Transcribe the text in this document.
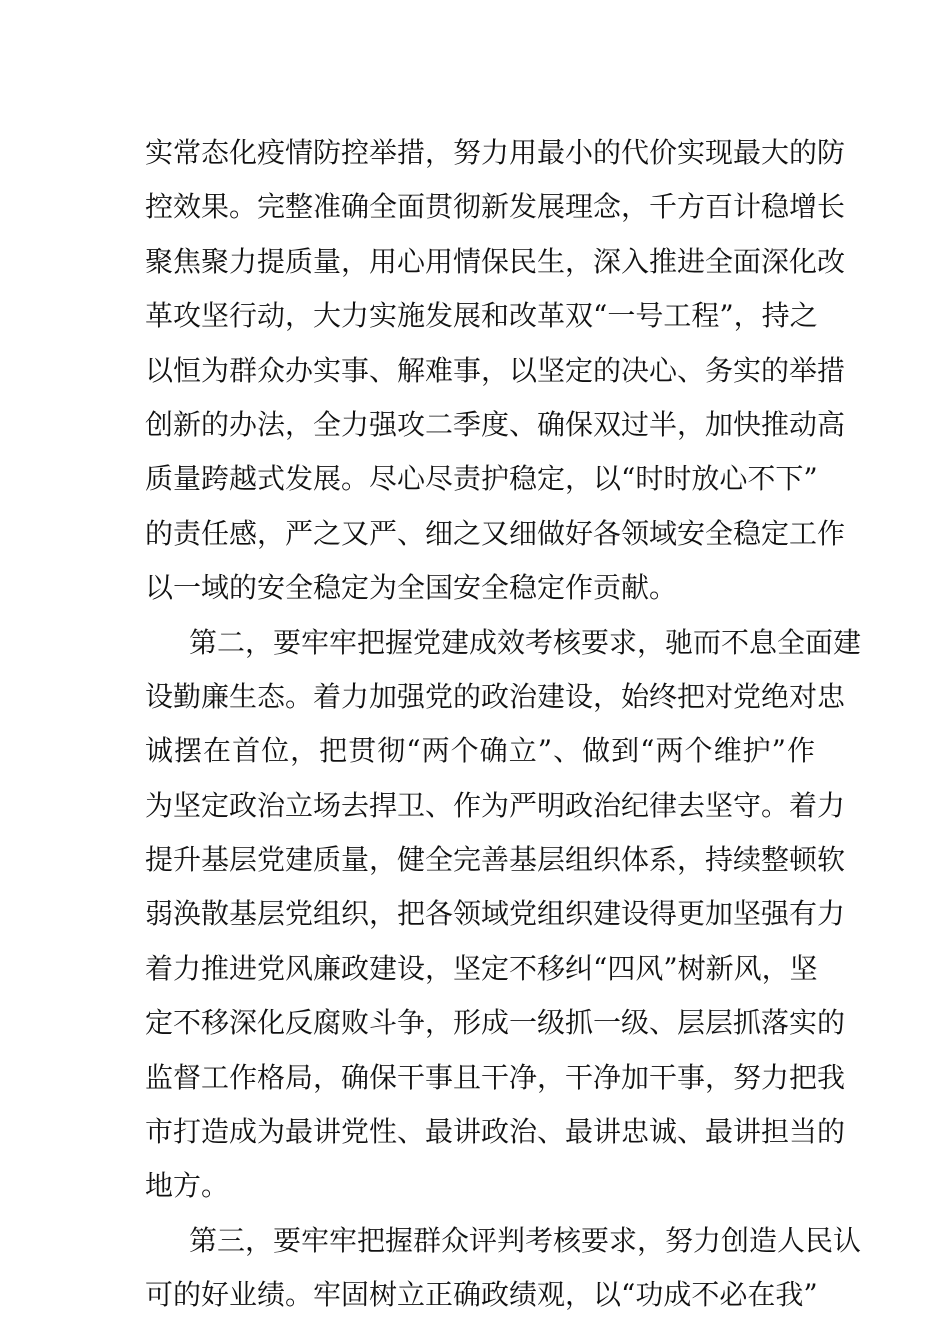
实常态化疫情防控举措，努力用最小的代价实现最大的防
控效果。完整准确全面贯彻新发展理念，千方百计稳增长
聚焦聚力提质量，用心用情保民生，深入推进全面深化改
革攻坚行动，大力实施发展和改革双“一号工程”，持之
以恒为群众办实事、解难事，以坚定的决心、务实的举措
创新的办法，全力强攻二季度、确保双过半，加快推动高
质量跨越式发展。尽心尽责护稳定，以“时时放心不下”
的责任感，严之又严、细之又细做好各领域安全稳定工作
以一域的安全稳定为全国安全稳定作贡献。
第二，要牢牢把握党建成效考核要求，驰而不息全面建
设勤廉生态。着力加强党的政治建设，始终把对党绝对忠
诚摆在首位，把贯彻“两个确立”、做到“两个维护”作
为坚定政治立场去捍卫、作为严明政治纪律去坚守。着力
提升基层党建质量，健全完善基层组织体系，持续整顿软
弱涣散基层党组织，把各领域党组织建设得更加坚强有力
着力推进党风廉政建设，坚定不移纠“四风”树新风，坚
定不移深化反腐败斗争，形成一级抓一级、层层抓落实的
监督工作格局，确保干事且干净，干净加干事，努力把我
市打造成为最讲党性、最讲政治、最讲忠诚、最讲担当的
地方。
第三，要牢牢把握群众评判考核要求，努力创造人民认
可的好业绩。牢固树立正确政绩观，以“功成不必在我”
